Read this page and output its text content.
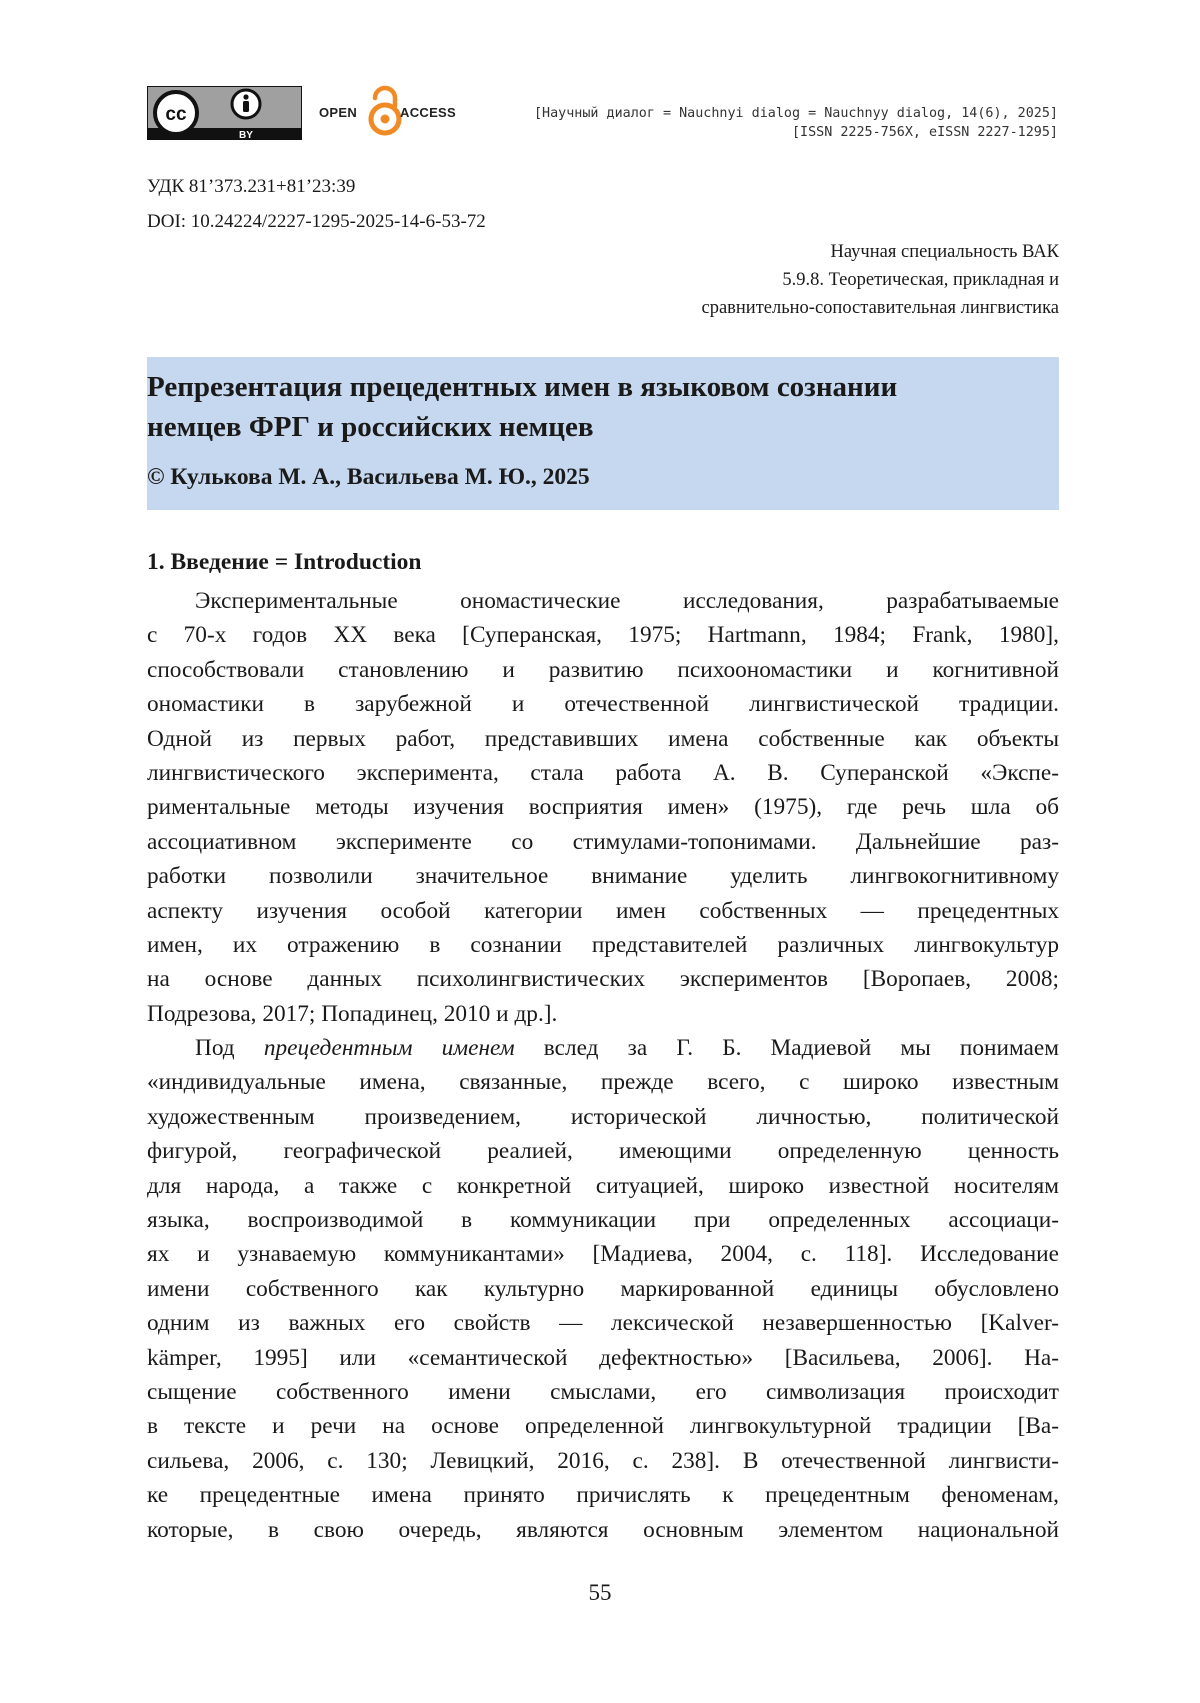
cc
BY
OPEN	ACCESS	[Научный диалог = Nauchnyi dialog = Nauchnyy dialog, 14(6), 2025]
[ISSN 2225-756X, eISSN 2227-1295]
УДК 81’373.231+81’23:39
DOI: 10.24224/2227-1295-2025-14-6-53-72
Научная специальность ВАК
5.9.8. Теоретическая, прикладная и
сравнительно-сопоставительная лингвистика
Репрезентация прецедентных имен в языковом сознании
немцев ФРГ и российских немцев
© Кулькова М. А., Васильева М. Ю., 2025
1. Введение = Introduction
Экспериментальные ономастические исследования, разрабатываемые
с 70-х годов XX века [Суперанская, 1975; Hartmann, 1984; Frank, 1980],
способствовали становлению и развитию психоономастики и когнитивной
ономастики в зарубежной и отечественной лингвистической традиции.
Одной из первых работ, представивших имена собственные как объекты
лингвистического эксперимента, стала работа А. В. Суперанской «Экспе-
риментальные методы изучения восприятия имен» (1975), где речь шла об
ассоциативном эксперименте со стимулами-топонимами. Дальнейшие раз-
работки позволили значительное внимание уделить лингвокогнитивному
аспекту изучения особой категории имен собственных — прецедентных
имен, их отражению в сознании представителей различных лингвокультур
на основе данных психолингвистических экспериментов [Воропаев, 2008;
Подрезова, 2017; Попадинец, 2010 и др.].
Под прецедентным именем вслед за Г. Б. Мадиевой мы понимаем
«индивидуальные имена, связанные, прежде всего, с широко известным
художественным произведением, исторической личностью, политической
фигурой, географической реалией, имеющими определенную ценность
для народа, а также с конкретной ситуацией, широко известной носителям
языка, воспроизводимой в коммуникации при определенных ассоциаци-
ях и узнаваемую коммуникантами» [Мадиева, 2004, с. 118]. Исследование
имени собственного как культурно маркированной единицы обусловлено
одним из важных его свойств — лексической незавершенностью [Kalver-
kämper, 1995] или «семантической дефектностью» [Васильева, 2006]. На-
сыщение собственного имени смыслами, его символизация происходит
в тексте и речи на основе определенной лингвокультурной традиции [Ва-
сильева, 2006, с. 130; Левицкий, 2016, с. 238]. В отечественной лингвисти-
ке прецедентные имена принято причислять к прецедентным феноменам,
которые, в свою очередь, являются основным элементом национальной
55
